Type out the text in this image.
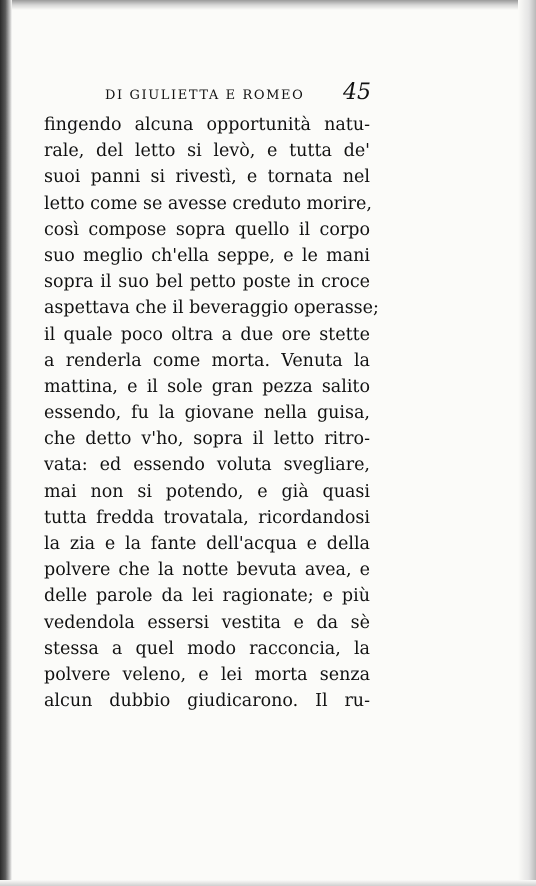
DI GIULIETTA E ROMEO 45
fingendo alcuna opportunità natu-
rale, del letto si levò, e tutta de'
suoi panni si rivestì, e tornata nel
letto come se avesse creduto morire,
così compose sopra quello il corpo
suo meglio ch'ella seppe, e le mani
sopra il suo bel petto poste in croce
aspettava che il beveraggio operasse;
il quale poco oltra a due ore stette
a renderla come morta. Venuta la
mattina, e il sole gran pezza salito
essendo, fu la giovane nella guisa,
che detto v'ho, sopra il letto ritro-
vata: ed essendo voluta svegliare,
mai non si potendo, e già quasi
tutta fredda trovatala, ricordandosi
la zia e la fante dell'acqua e della
polvere che la notte bevuta avea, e
delle parole da lei ragionate; e più
vedendola essersi vestita e da sè
stessa a quel modo racconcia, la
polvere veleno, e lei morta senza
alcun dubbio giudicarono. Il ru-
